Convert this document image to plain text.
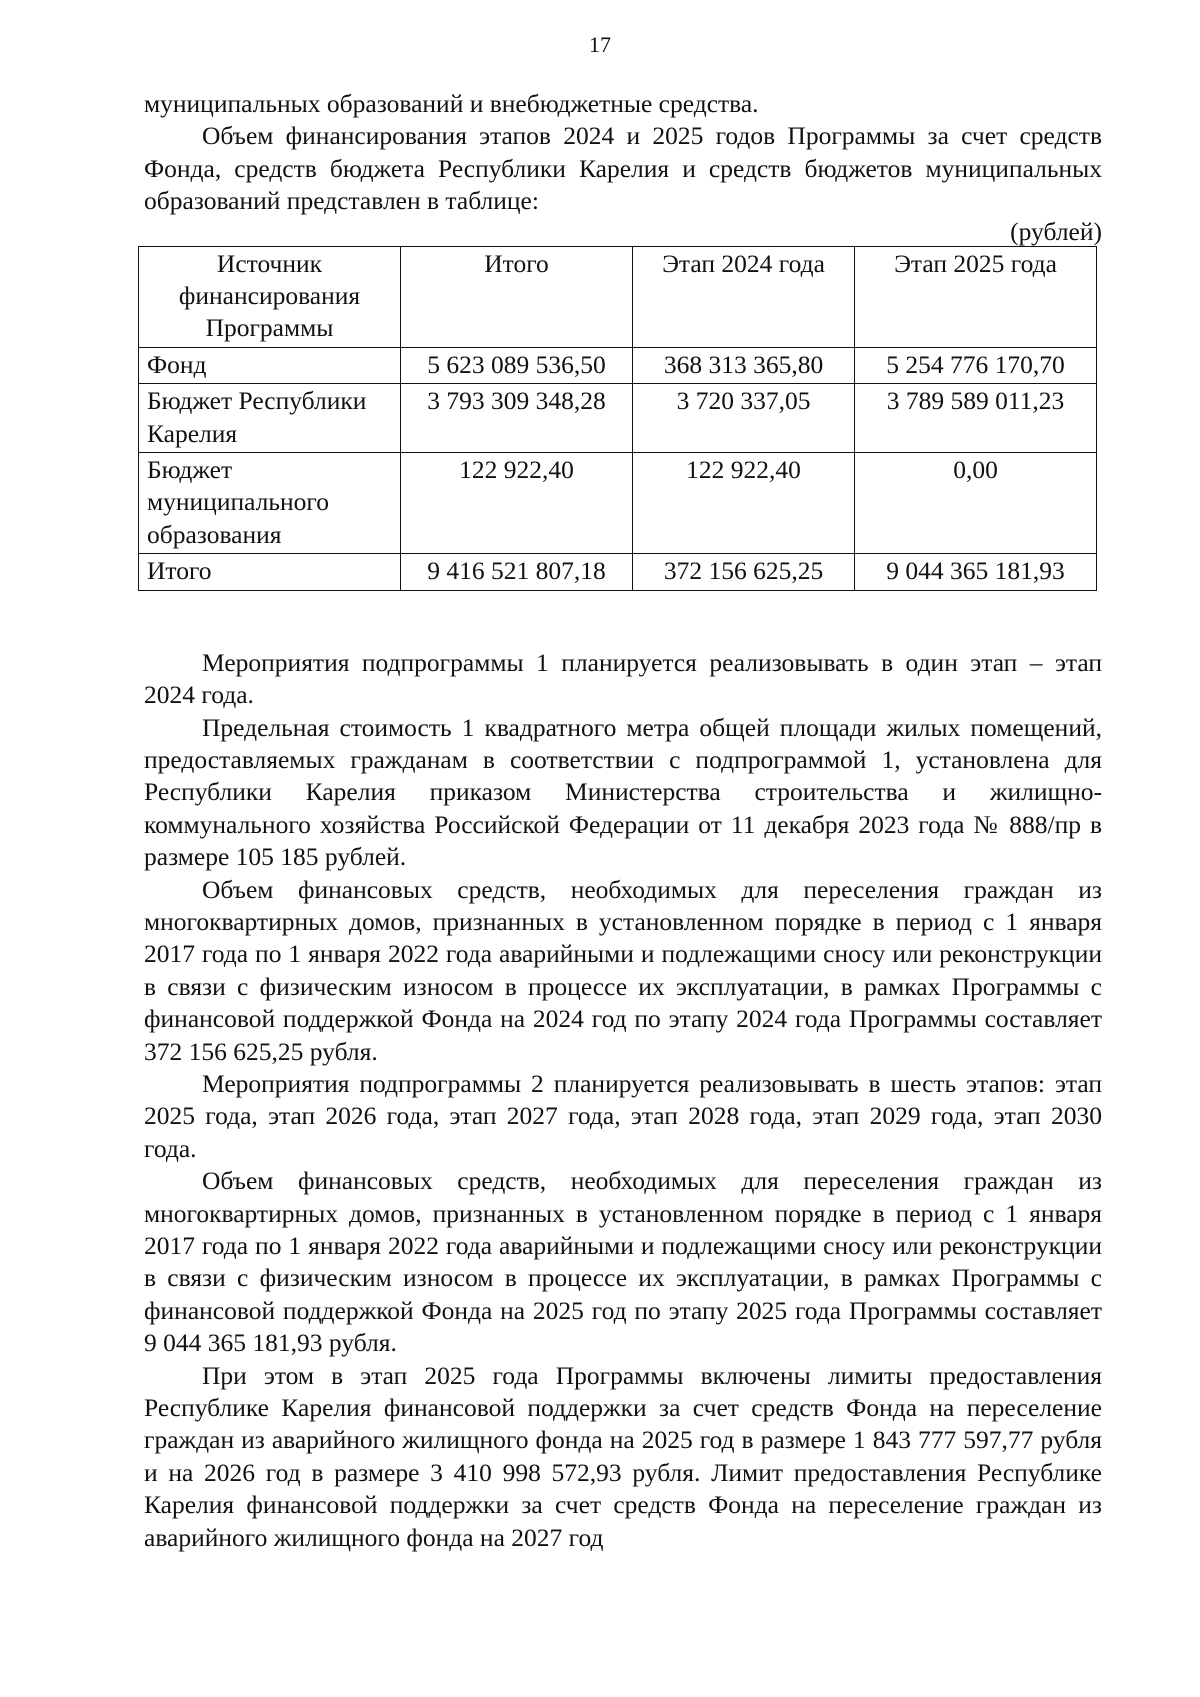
17

муниципальных образований и внебюджетные средства.

Объем финансирования этапов 2024 и 2025 годов Программы за счет средств Фонда, средств бюджета Республики Карелия и средств бюджетов муниципальных образований представлен в таблице:

(рублей)
Источник финансирования Программы	Итого	Этап 2024 года	Этап 2025 года
Фонд	5 623 089 536,50	368 313 365,80	5 254 776 170,70
Бюджет Республики Карелия	3 793 309 348,28	3 720 337,05	3 789 589 011,23
Бюджет муниципального образования	122 922,40	122 922,40	0,00
Итого	9 416 521 807,18	372 156 625,25	9 044 365 181,93

Мероприятия подпрограммы 1 планируется реализовывать в один этап – этап 2024 года.

Предельная стоимость 1 квадратного метра общей площади жилых помещений, предоставляемых гражданам в соответствии с подпрограммой 1, установлена для Республики Карелия приказом Министерства строительства и жилищно-коммунального хозяйства Российской Федерации от 11 декабря 2023 года № 888/пр в размере 105 185 рублей.

Объем финансовых средств, необходимых для переселения граждан из многоквартирных домов, признанных в установленном порядке в период с 1 января 2017 года по 1 января 2022 года аварийными и подлежащими сносу или реконструкции в связи с физическим износом в процессе их эксплуатации, в рамках Программы с финансовой поддержкой Фонда на 2024 год по этапу 2024 года Программы составляет 372 156 625,25 рубля.

Мероприятия подпрограммы 2 планируется реализовывать в шесть этапов: этап 2025 года, этап 2026 года, этап 2027 года, этап 2028 года, этап 2029 года, этап 2030 года.

Объем финансовых средств, необходимых для переселения граждан из многоквартирных домов, признанных в установленном порядке в период с 1 января 2017 года по 1 января 2022 года аварийными и подлежащими сносу или реконструкции в связи с физическим износом в процессе их эксплуатации, в рамках Программы с финансовой поддержкой Фонда на 2025 год по этапу 2025 года Программы составляет 9 044 365 181,93 рубля.

При этом в этап 2025 года Программы включены лимиты предоставления Республике Карелия финансовой поддержки за счет средств Фонда на переселение граждан из аварийного жилищного фонда на 2025 год в размере 1 843 777 597,77 рубля и на 2026 год в размере 3 410 998 572,93 рубля. Лимит предоставления Республике Карелия финансовой поддержки за счет средств Фонда на переселение граждан из аварийного жилищного фонда на 2027 год
